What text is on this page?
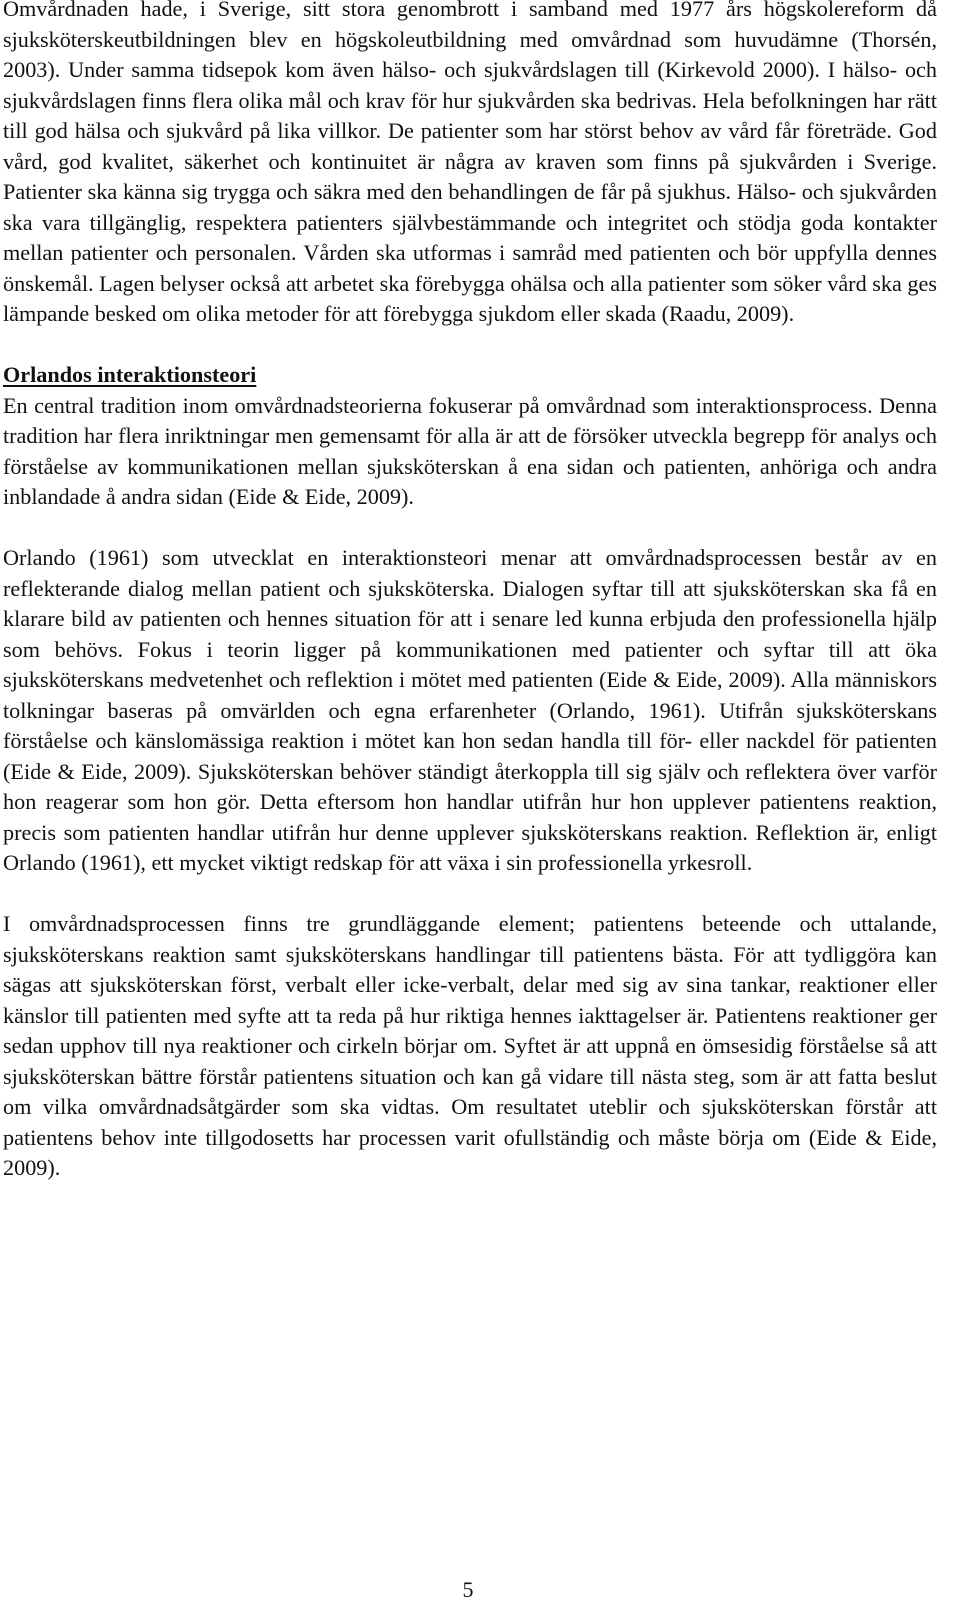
Omvårdnaden hade, i Sverige, sitt stora genombrott i samband med 1977 års högskolereform då sjuksköterskeutbildningen blev en högskoleutbildning med omvårdnad som huvudämne (Thorsén, 2003). Under samma tidsepok kom även hälso- och sjukvårdslagen till (Kirkevold 2000). I hälso- och sjukvårdslagen finns flera olika mål och krav för hur sjukvården ska bedrivas. Hela befolkningen har rätt till god hälsa och sjukvård på lika villkor. De patienter som har störst behov av vård får företräde. God vård, god kvalitet, säkerhet och kontinuitet är några av kraven som finns på sjukvården i Sverige. Patienter ska känna sig trygga och säkra med den behandlingen de får på sjukhus. Hälso- och sjukvården ska vara tillgänglig, respektera patienters självbestämmande och integritet och stödja goda kontakter mellan patienter och personalen. Vården ska utformas i samråd med patienten och bör uppfylla dennes önskemål. Lagen belyser också att arbetet ska förebygga ohälsa och alla patienter som söker vård ska ges lämpande besked om olika metoder för att förebygga sjukdom eller skada (Raadu, 2009).

Orlandos interaktionsteori

En central tradition inom omvårdnadsteorierna fokuserar på omvårdnad som interaktionsprocess. Denna tradition har flera inriktningar men gemensamt för alla är att de försöker utveckla begrepp för analys och förståelse av kommunikationen mellan sjuksköterskan å ena sidan och patienten, anhöriga och andra inblandade å andra sidan (Eide & Eide, 2009).

Orlando (1961) som utvecklat en interaktionsteori menar att omvårdnadsprocessen består av en reflekterande dialog mellan patient och sjuksköterska. Dialogen syftar till att sjuksköterskan ska få en klarare bild av patienten och hennes situation för att i senare led kunna erbjuda den professionella hjälp som behövs. Fokus i teorin ligger på kommunikationen med patienter och syftar till att öka sjuksköterskans medvetenhet och reflektion i mötet med patienten (Eide & Eide, 2009). Alla människors tolkningar baseras på omvärlden och egna erfarenheter (Orlando, 1961). Utifrån sjuksköterskans förståelse och känslomässiga reaktion i mötet kan hon sedan handla till för- eller nackdel för patienten (Eide & Eide, 2009). Sjuksköterskan behöver ständigt återkoppla till sig själv och reflektera över varför hon reagerar som hon gör. Detta eftersom hon handlar utifrån hur hon upplever patientens reaktion, precis som patienten handlar utifrån hur denne upplever sjuksköterskans reaktion. Reflektion är, enligt Orlando (1961), ett mycket viktigt redskap för att växa i sin professionella yrkesroll.

I omvårdnadsprocessen finns tre grundläggande element; patientens beteende och uttalande, sjuksköterskans reaktion samt sjuksköterskans handlingar till patientens bästa. För att tydliggöra kan sägas att sjuksköterskan först, verbalt eller icke-verbalt, delar med sig av sina tankar, reaktioner eller känslor till patienten med syfte att ta reda på hur riktiga hennes iakttagelser är. Patientens reaktioner ger sedan upphov till nya reaktioner och cirkeln börjar om. Syftet är att uppnå en ömsesidig förståelse så att sjuksköterskan bättre förstår patientens situation och kan gå vidare till nästa steg, som är att fatta beslut om vilka omvårdnadsåtgärder som ska vidtas. Om resultatet uteblir och sjuksköterskan förstår att patientens behov inte tillgodosetts har processen varit ofullständig och måste börja om (Eide & Eide, 2009).

5
